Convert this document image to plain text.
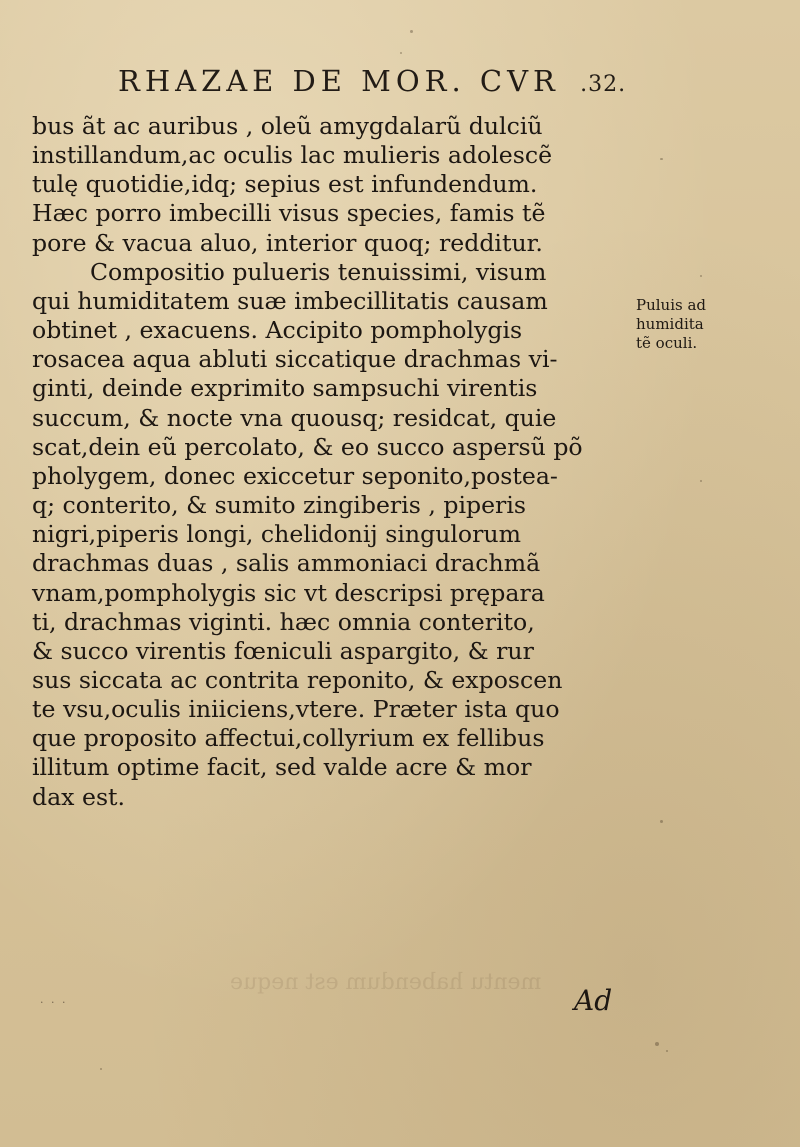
mentu habendum est neque
RHAZAE DE MOR. CVR .32.
bus ãt ac auribus , oleũ amygdalarũ dulciũ
instillandum,ac oculis lac mulieris adolescẽ
tulę quotidie,idq; sepius est infundendum.
Hæc porro imbecilli visus species, famis tẽ
pore & vacua aluo, interior quoq; redditur.
Compositio pulueris tenuissimi, visum
qui humiditatem suæ imbecillitatis causam
obtinet , exacuens. Accipito pompholygis
rosacea aqua abluti siccatique drachmas vi-
ginti, deinde exprimito sampsuchi virentis
succum, & nocte vna quousq; residcat, quie
scat,dein eũ percolato, & eo succo aspersũ põ
pholygem, donec exiccetur seponito,postea-
q; conterito, & sumito zingiberis , piperis
nigri,piperis longi, chelidonij singulorum
drachmas duas , salis ammoniaci drachmã
vnam,pompholygis sic vt descripsi prępara
ti, drachmas viginti. hæc omnia conterito,
& succo virentis fœniculi aspargito, & rur
sus siccata ac contrita reponito, & exposcen
te vsu,oculis iniiciens,vtere. Præter ista quo
que proposito affectui,collyrium ex fellibus
illitum optime facit, sed valde acre & mor
dax est.
Puluis ad
humidita
tẽ oculi.
· · ·	Ad
